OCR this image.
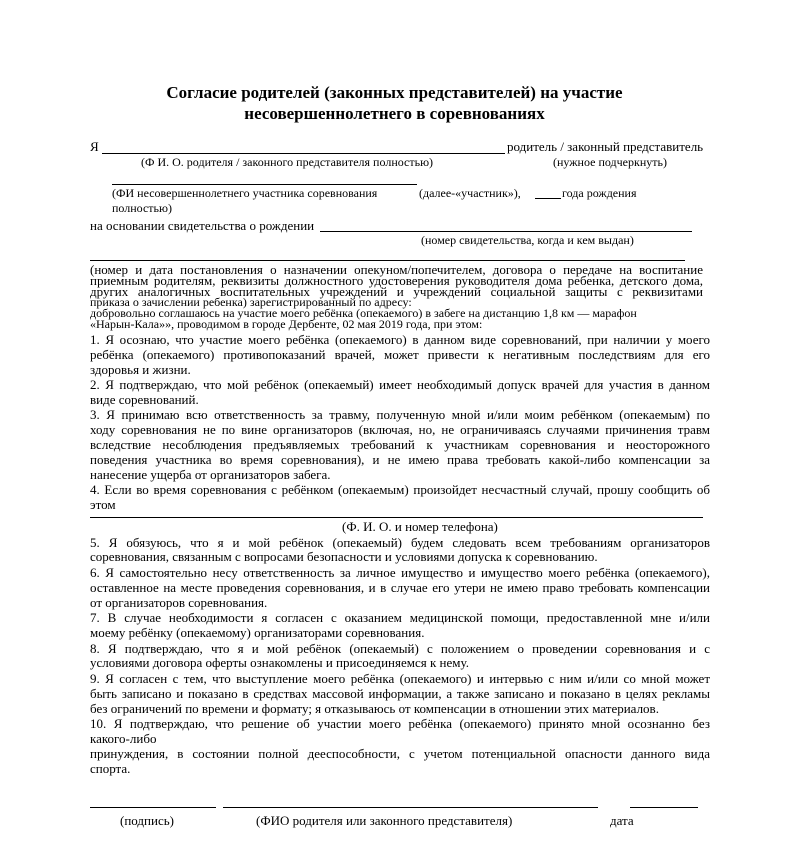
Согласие родителей (законных представителей) на участие
несовершеннолетнего в соревнованиях
Я	родитель / законный представитель
(Ф И. О. родителя / законного представителя полностью)	(нужное подчеркнуть)
(ФИ несовершеннолетнего участника соревнования	(далее-«участник»),	года рождения
полностью)
на основании свидетельства о рождении
(номер свидетельства, когда и кем выдан)
(номер и дата постановления о назначении опекуном/попечителем, договора о передаче на воспитание
приемным родителям, реквизиты должностного удостоверения руководителя дома ребенка, детского дома,
других аналогичных воспитательных учреждений и учреждений социальной защиты с реквизитами
приказа о зачислении ребенка) зарегистрированный по адресу:
добровольно соглашаюсь на участие моего ребёнка (опекаемого) в забеге на дистанцию 1,8 км — марафон
«Нарын-Кала»», проводимом в городе Дербенте, 02 мая 2019 года, при этом:
1. Я осознаю, что участие моего ребёнка (опекаемого) в данном виде соревнований, при наличии у моего
ребёнка (опекаемого) противопоказаний врачей, может привести к негативным последствиям для его
здоровья и жизни.
2. Я подтверждаю, что мой ребёнок (опекаемый) имеет необходимый допуск врачей для участия в данном
виде соревнований.
3. Я принимаю всю ответственность за травму, полученную мной и/или моим ребёнком (опекаемым) по
ходу соревнования не по вине организаторов (включая, но, не ограничиваясь случаями причинения травм
вследствие несоблюдения предъявляемых требований к участникам соревнования и неосторожного
поведения участника во время соревнования), и не имею права требовать какой-либо компенсации за
нанесение ущерба от организаторов забега.
4. Если во время соревнования с ребёнком (опекаемым) произойдет несчастный случай, прошу сообщить об
этом
(Ф. И. О. и номер телефона)
5. Я обязуюсь, что я и мой ребёнок (опекаемый) будем следовать всем требованиям организаторов
соревнования, связанным с вопросами безопасности и условиями допуска к соревнованию.
6. Я самостоятельно несу ответственность за личное имущество и имущество моего ребёнка (опекаемого),
оставленное на месте проведения соревнования, и в случае его утери не имею право требовать компенсации
от организаторов соревнования.
7. В случае необходимости я согласен с оказанием медицинской помощи, предоставленной мне и/или
моему ребёнку (опекаемому) организаторами соревнования.
8. Я подтверждаю, что я и мой ребёнок (опекаемый) с положением о проведении соревнования и с
условиями договора оферты ознакомлены и присоединяемся к нему.
9. Я согласен с тем, что выступление моего ребёнка (опекаемого) и интервью с ним и/или со мной может
быть записано и показано в средствах массовой информации, а также записано и показано в целях рекламы
без ограничений по времени и формату; я отказываюсь от компенсации в отношении этих материалов.
10. Я подтверждаю, что решение об участии моего ребёнка (опекаемого) принято мной осознанно без
какого-либо
принуждения, в состоянии полной дееспособности, с учетом потенциальной опасности данного вида
спорта.
(подпись)	(ФИО родителя или законного представителя)	дата
